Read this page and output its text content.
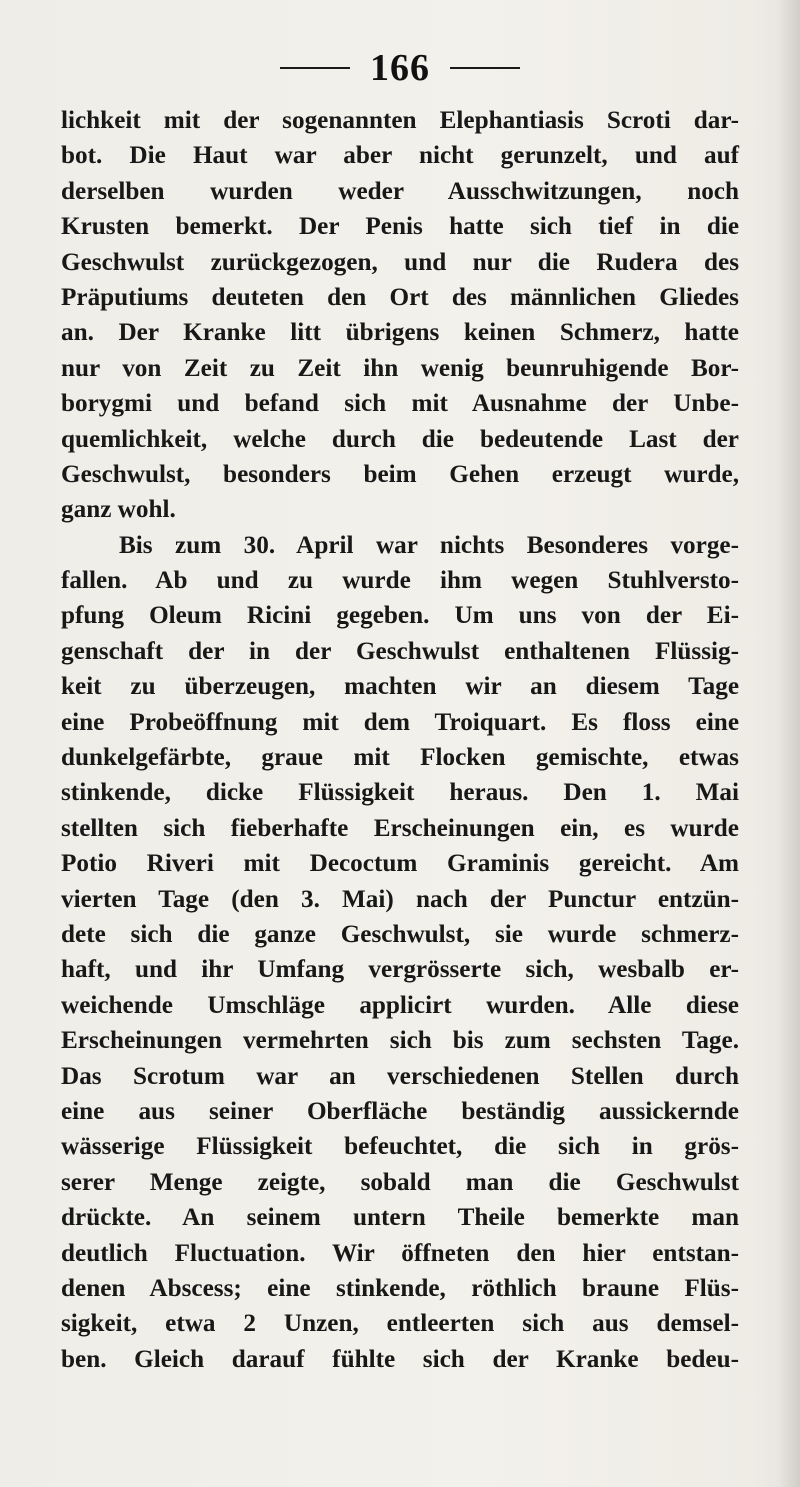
166
lichkeit mit der sogenannten Elephantiasis Scroti dar-
bot. Die Haut war aber nicht gerunzelt, und auf
derselben wurden weder Ausschwitzungen, noch
Krusten bemerkt. Der Penis hatte sich tief in die
Geschwulst zurückgezogen, und nur die Rudera des
Präputiums deuteten den Ort des männlichen Gliedes
an. Der Kranke litt übrigens keinen Schmerz, hatte
nur von Zeit zu Zeit ihn wenig beunruhigende Bor-
borygmi und befand sich mit Ausnahme der Unbe-
quemlichkeit, welche durch die bedeutende Last der
Geschwulst, besonders beim Gehen erzeugt wurde,
ganz wohl.
Bis zum 30. April war nichts Besonderes vorge-
fallen. Ab und zu wurde ihm wegen Stuhlversto-
pfung Oleum Ricini gegeben. Um uns von der Ei-
genschaft der in der Geschwulst enthaltenen Flüssig-
keit zu überzeugen, machten wir an diesem Tage
eine Probeöffnung mit dem Troiquart. Es floss eine
dunkelgefärbte, graue mit Flocken gemischte, etwas
stinkende, dicke Flüssigkeit heraus. Den 1. Mai
stellten sich fieberhafte Erscheinungen ein, es wurde
Potio Riveri mit Decoctum Graminis gereicht. Am
vierten Tage (den 3. Mai) nach der Punctur entzün-
dete sich die ganze Geschwulst, sie wurde schmerz-
haft, und ihr Umfang vergrösserte sich, wesbalb er-
weichende Umschläge applicirt wurden. Alle diese
Erscheinungen vermehrten sich bis zum sechsten Tage.
Das Scrotum war an verschiedenen Stellen durch
eine aus seiner Oberfläche beständig aussickernde
wässerige Flüssigkeit befeuchtet, die sich in grös-
serer Menge zeigte, sobald man die Geschwulst
drückte. An seinem untern Theile bemerkte man
deutlich Fluctuation. Wir öffneten den hier entstan-
denen Abscess; eine stinkende, röthlich braune Flüs-
sigkeit, etwa 2 Unzen, entleerten sich aus demsel-
ben. Gleich darauf fühlte sich der Kranke bedeu-
